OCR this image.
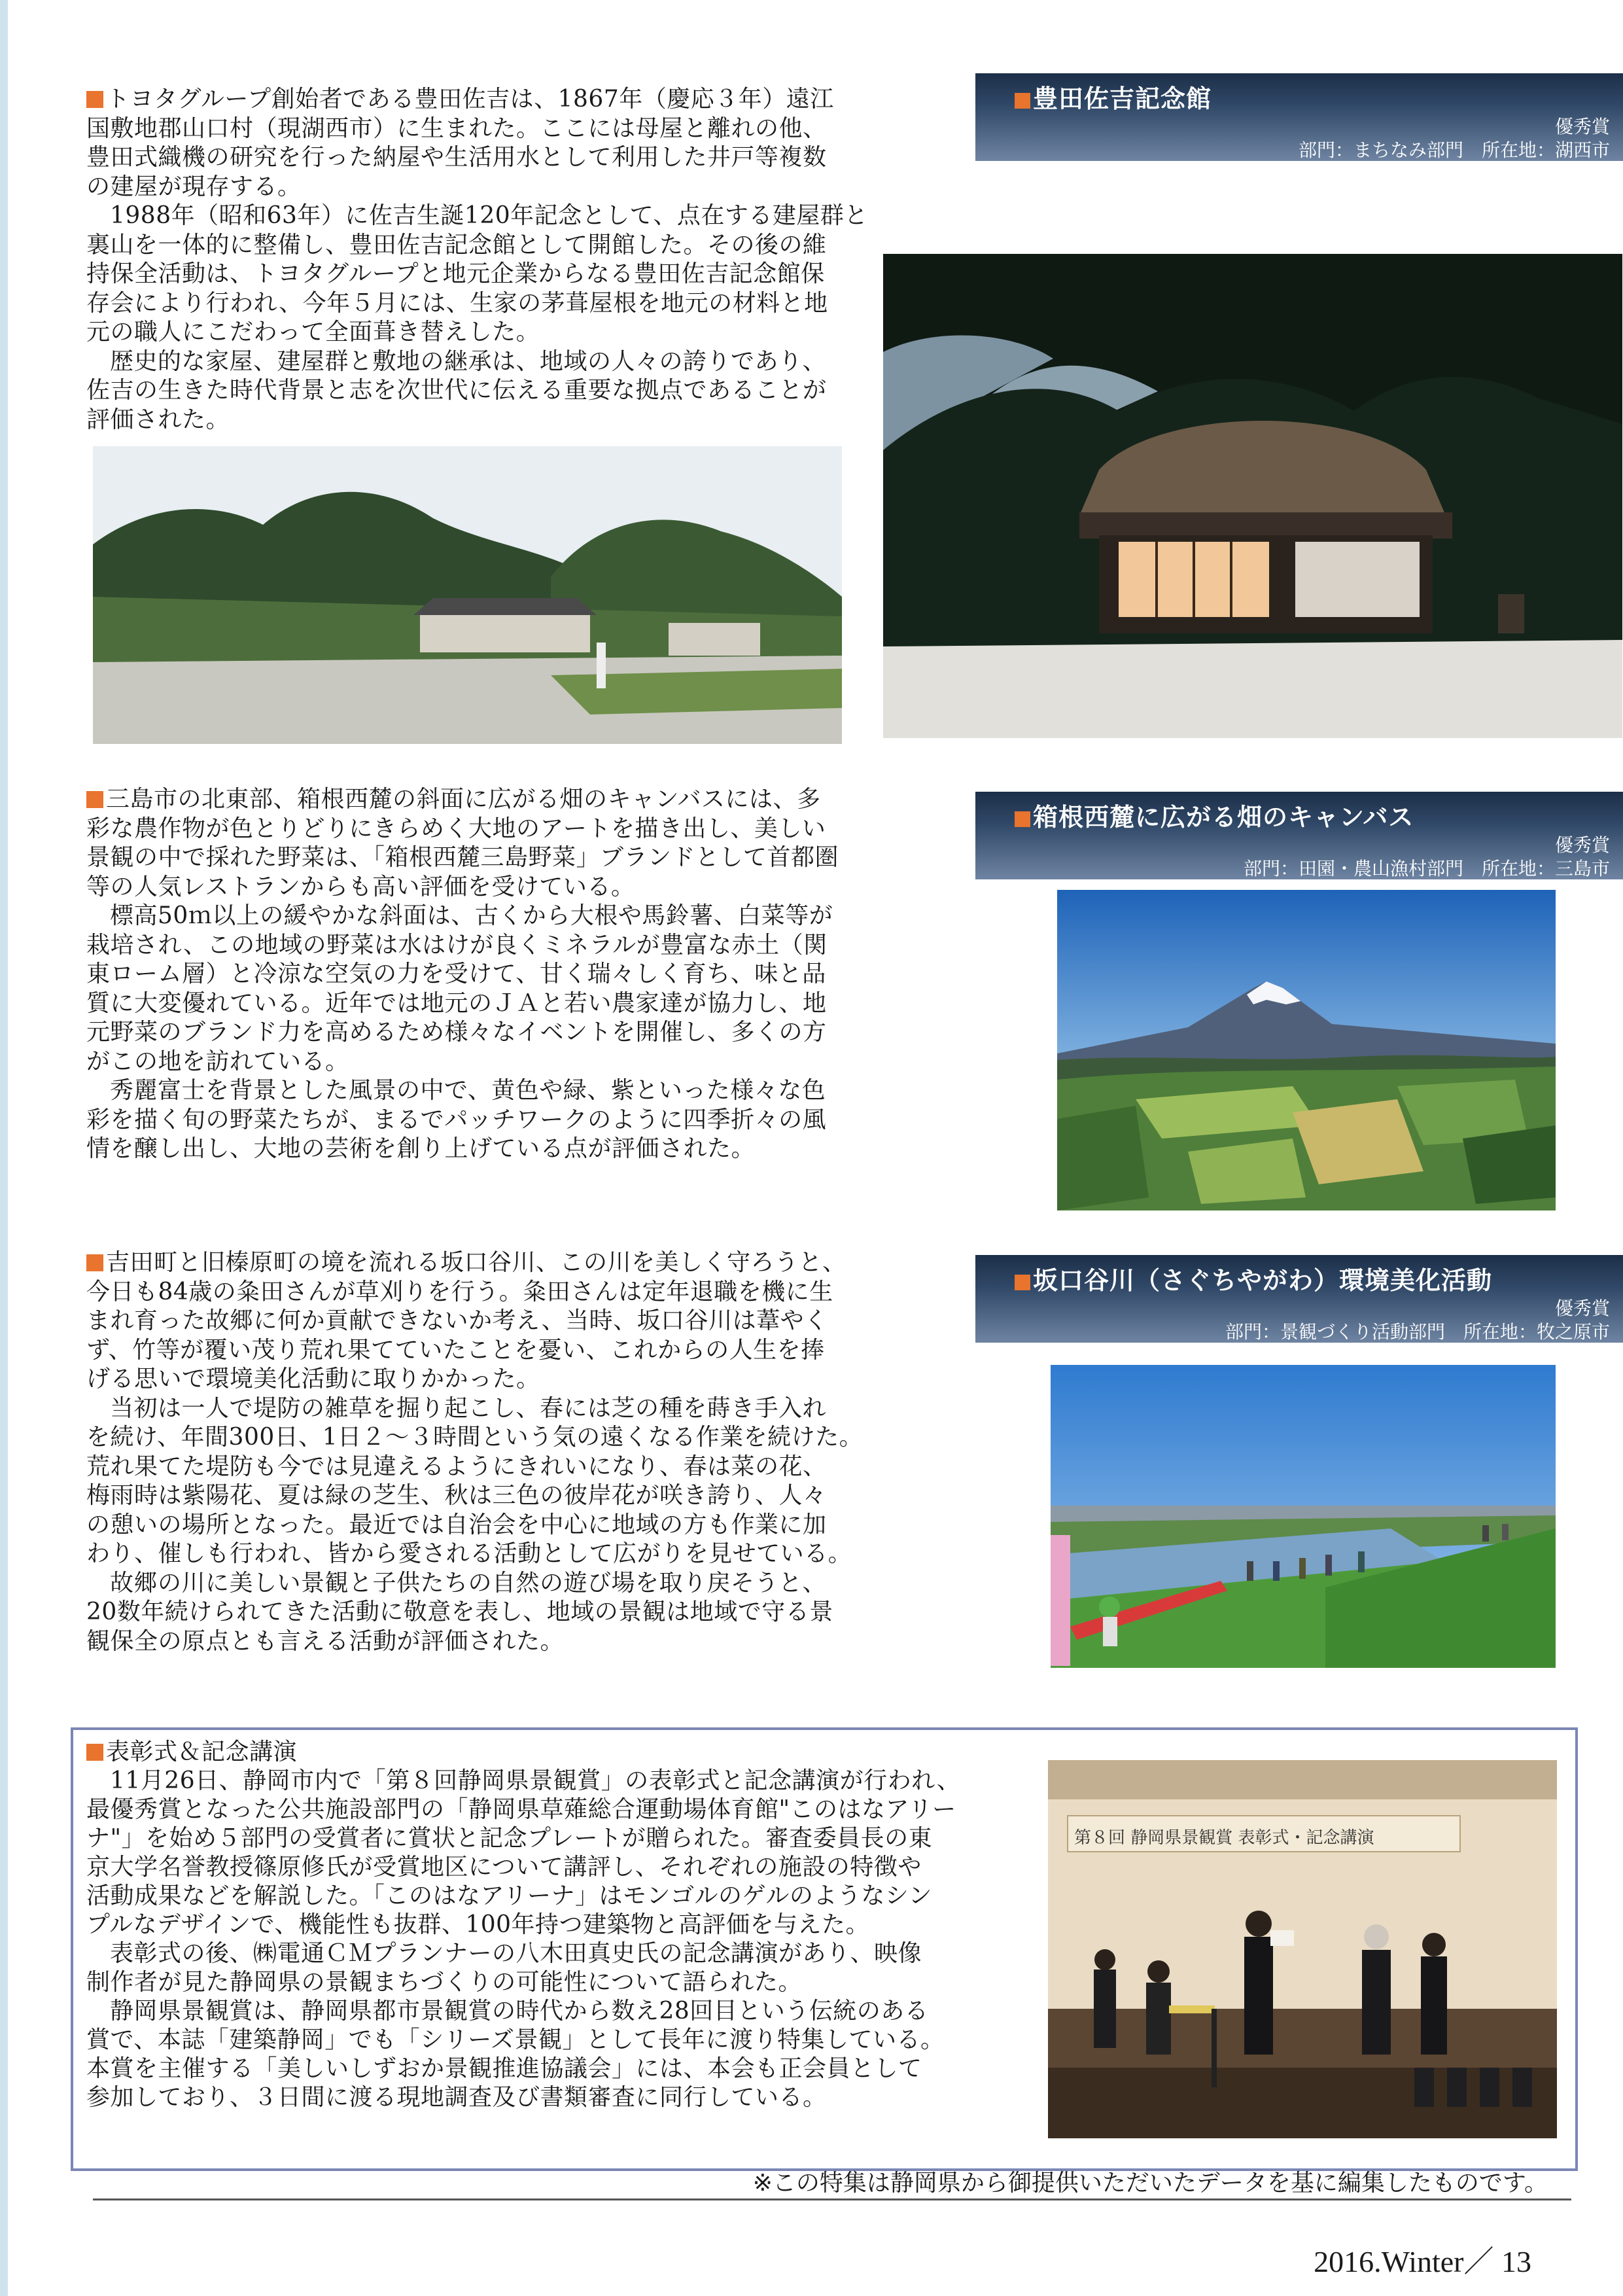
トヨタグループ創始者である豊田佐吉は、1867年（慶応３年）遠江

国敷地郡山口村（現湖西市）に生まれた。ここには母屋と離れの他、

豊田式織機の研究を行った納屋や生活用水として利用した井戸等複数

の建屋が現存する。

1988年（昭和63年）に佐吉生誕120年記念として、点在する建屋群と

裏山を一体的に整備し、豊田佐吉記念館として開館した。その後の維

持保全活動は、トヨタグループと地元企業からなる豊田佐吉記念館保

存会により行われ、今年５月には、生家の茅葺屋根を地元の材料と地

元の職人にこだわって全面葺き替えした。

歴史的な家屋、建屋群と敷地の継承は、地域の人々の誇りであり、

佐吉の生きた時代背景と志を次世代に伝える重要な拠点であることが

評価された。

豊田佐吉記念館
優秀賞
部門：まちなみ部門　所在地：湖西市

三島市の北東部、箱根西麓の斜面に広がる畑のキャンバスには、多

彩な農作物が色とりどりにきらめく大地のアートを描き出し、美しい

景観の中で採れた野菜は、「箱根西麓三島野菜」ブランドとして首都圏

等の人気レストランからも高い評価を受けている。

標高50ｍ以上の緩やかな斜面は、古くから大根や馬鈴薯、白菜等が

栽培され、この地域の野菜は水はけが良くミネラルが豊富な赤土（関

東ローム層）と冷涼な空気の力を受けて、甘く瑞々しく育ち、味と品

質に大変優れている。近年では地元のＪＡと若い農家達が協力し、地

元野菜のブランド力を高めるため様々なイベントを開催し、多くの方

がこの地を訪れている。

秀麗富士を背景とした風景の中で、黄色や緑、紫といった様々な色

彩を描く旬の野菜たちが、まるでパッチワークのように四季折々の風

情を醸し出し、大地の芸術を創り上げている点が評価された。

箱根西麓に広がる畑のキャンバス
優秀賞
部門：田園・農山漁村部門　所在地：三島市

吉田町と旧榛原町の境を流れる坂口谷川、この川を美しく守ろうと、

今日も84歳の粂田さんが草刈りを行う。粂田さんは定年退職を機に生

まれ育った故郷に何か貢献できないか考え、当時、坂口谷川は葦やく

ず、竹等が覆い茂り荒れ果てていたことを憂い、これからの人生を捧

げる思いで環境美化活動に取りかかった。

当初は一人で堤防の雑草を掘り起こし、春には芝の種を蒔き手入れ

を続け、年間300日、1日２～３時間という気の遠くなる作業を続けた。

荒れ果てた堤防も今では見違えるようにきれいになり、春は菜の花、

梅雨時は紫陽花、夏は緑の芝生、秋は三色の彼岸花が咲き誇り、人々

の憩いの場所となった。最近では自治会を中心に地域の方も作業に加

わり、催しも行われ、皆から愛される活動として広がりを見せている。

故郷の川に美しい景観と子供たちの自然の遊び場を取り戻そうと、

20数年続けられてきた活動に敬意を表し、地域の景観は地域で守る景

観保全の原点とも言える活動が評価された。

坂口谷川（さぐちやがわ）環境美化活動
優秀賞
部門：景観づくり活動部門　所在地：牧之原市

表彰式＆記念講演

11月26日、静岡市内で「第８回静岡県景観賞」の表彰式と記念講演が行われ、

最優秀賞となった公共施設部門の「静岡県草薙総合運動場体育館"このはなアリー

ナ"」を始め５部門の受賞者に賞状と記念プレートが贈られた。審査委員長の東

京大学名誉教授篠原修氏が受賞地区について講評し、それぞれの施設の特徴や

活動成果などを解説した。「このはなアリーナ」はモンゴルのゲルのようなシン

プルなデザインで、機能性も抜群、100年持つ建築物と高評価を与えた。

表彰式の後、㈱電通ＣＭプランナーの八木田真史氏の記念講演があり、映像

制作者が見た静岡県の景観まちづくりの可能性について語られた。

静岡県景観賞は、静岡県都市景観賞の時代から数え28回目という伝統のある

賞で、本誌「建築静岡」でも「シリーズ景観」として長年に渡り特集している。

本賞を主催する「美しいしずおか景観推進協議会」には、本会も正会員として

参加しており、３日間に渡る現地調査及び書類審査に同行している。

第８回 静岡県景観賞 表彰式・記念講演
※この特集は静岡県から御提供いただいたデータを基に編集したものです。
2016.Winter／ 13
